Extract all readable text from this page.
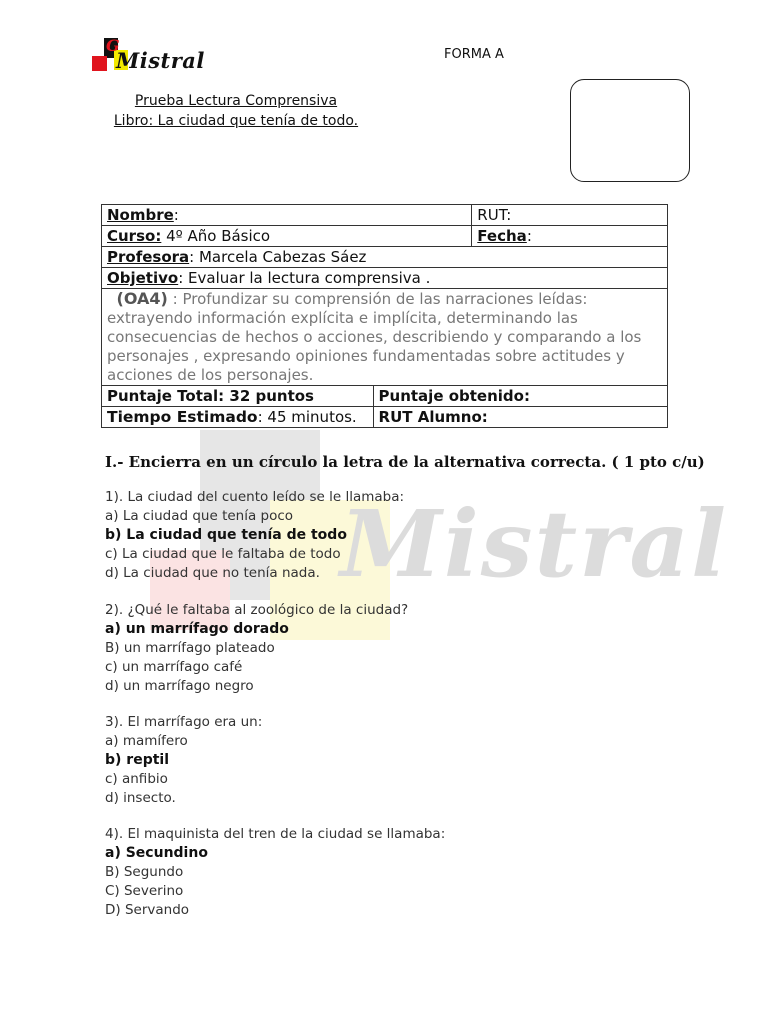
G
Mistral	FORMA A
Prueba Lectura Comprensiva
Libro: La ciudad que tenía de todo.
Mistral
Nombre:		RUT:
Curso: 4º Año Básico		Fecha:
Profesora: Marcela Cabezas Sáez		
Objetivo: Evaluar la lectura comprensiva .		
(OA4) : Profundizar su comprensión de las narraciones leídas: extrayendo información explícita e implícita, determinando las consecuencias de hechos o acciones, describiendo y comparando a los personajes , expresando opiniones fundamentadas sobre actitudes y acciones de los personajes.		
Puntaje Total: 32 puntos	Puntaje obtenido:	
Tiempo Estimado: 45 minutos.	RUT Alumno:	
I.- Encierra en un círculo la letra de la alternativa correcta. ( 1 pto c/u)
1). La ciudad del cuento leído se le llamaba:
a) La ciudad que tenía poco
b) La ciudad que tenía de todo
c) La ciudad que le faltaba de todo
d) La ciudad que no tenía nada.
2). ¿Qué le faltaba al zoológico de la ciudad?
a) un marrífago dorado
B) un marrífago plateado
c) un marrífago café
d) un marrífago negro
3). El marrífago era un:
a) mamífero
b) reptil
c) anfibio
d) insecto.
4). El maquinista del tren de la ciudad se llamaba:
a) Secundino
B) Segundo
C) Severino
D) Servando
